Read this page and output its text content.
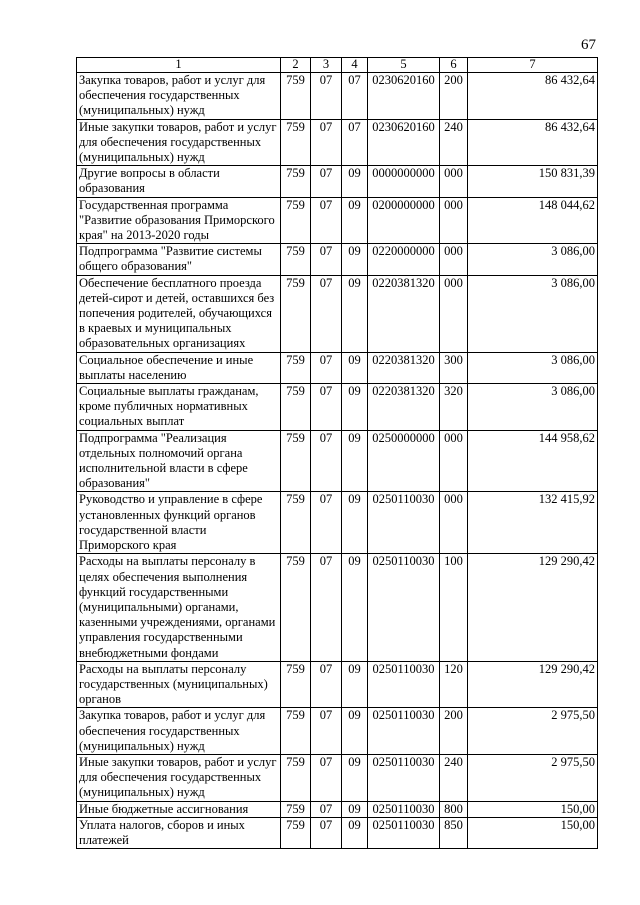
67
1	2	3	4	5	6	7
Закупка товаров, работ и услуг для обеспечения государственных (муниципальных) нужд	759	07	07	0230620160	200	86 432,64
Иные закупки товаров, работ и услуг для обеспечения государственных (муниципальных) нужд	759	07	07	0230620160	240	86 432,64
Другие вопросы в области образования	759	07	09	0000000000	000	150 831,39
Государственная программа "Развитие образования Приморского края" на 2013-2020 годы	759	07	09	0200000000	000	148 044,62
Подпрограмма "Развитие системы общего образования"	759	07	09	0220000000	000	3 086,00
Обеспечение бесплатного проезда детей-сирот и детей, оставшихся без попечения родителей, обучающихся в краевых и муниципальных образовательных организациях	759	07	09	0220381320	000	3 086,00
Социальное обеспечение и иные выплаты населению	759	07	09	0220381320	300	3 086,00
Социальные выплаты гражданам, кроме публичных нормативных социальных выплат	759	07	09	0220381320	320	3 086,00
Подпрограмма "Реализация отдельных полномочий органа исполнительной власти в сфере образования"	759	07	09	0250000000	000	144 958,62
Руководство и управление в сфере установленных функций органов государственной власти Приморского края	759	07	09	0250110030	000	132 415,92
Расходы на выплаты персоналу в целях обеспечения выполнения функций государственными (муниципальными) органами, казенными учреждениями, органами управления государственными внебюджетными фондами	759	07	09	0250110030	100	129 290,42
Расходы на выплаты персоналу государственных (муниципальных) органов	759	07	09	0250110030	120	129 290,42
Закупка товаров, работ и услуг для обеспечения государственных (муниципальных) нужд	759	07	09	0250110030	200	2 975,50
Иные закупки товаров, работ и услуг для обеспечения государственных (муниципальных) нужд	759	07	09	0250110030	240	2 975,50
Иные бюджетные ассигнования	759	07	09	0250110030	800	150,00
Уплата налогов, сборов и иных платежей	759	07	09	0250110030	850	150,00
